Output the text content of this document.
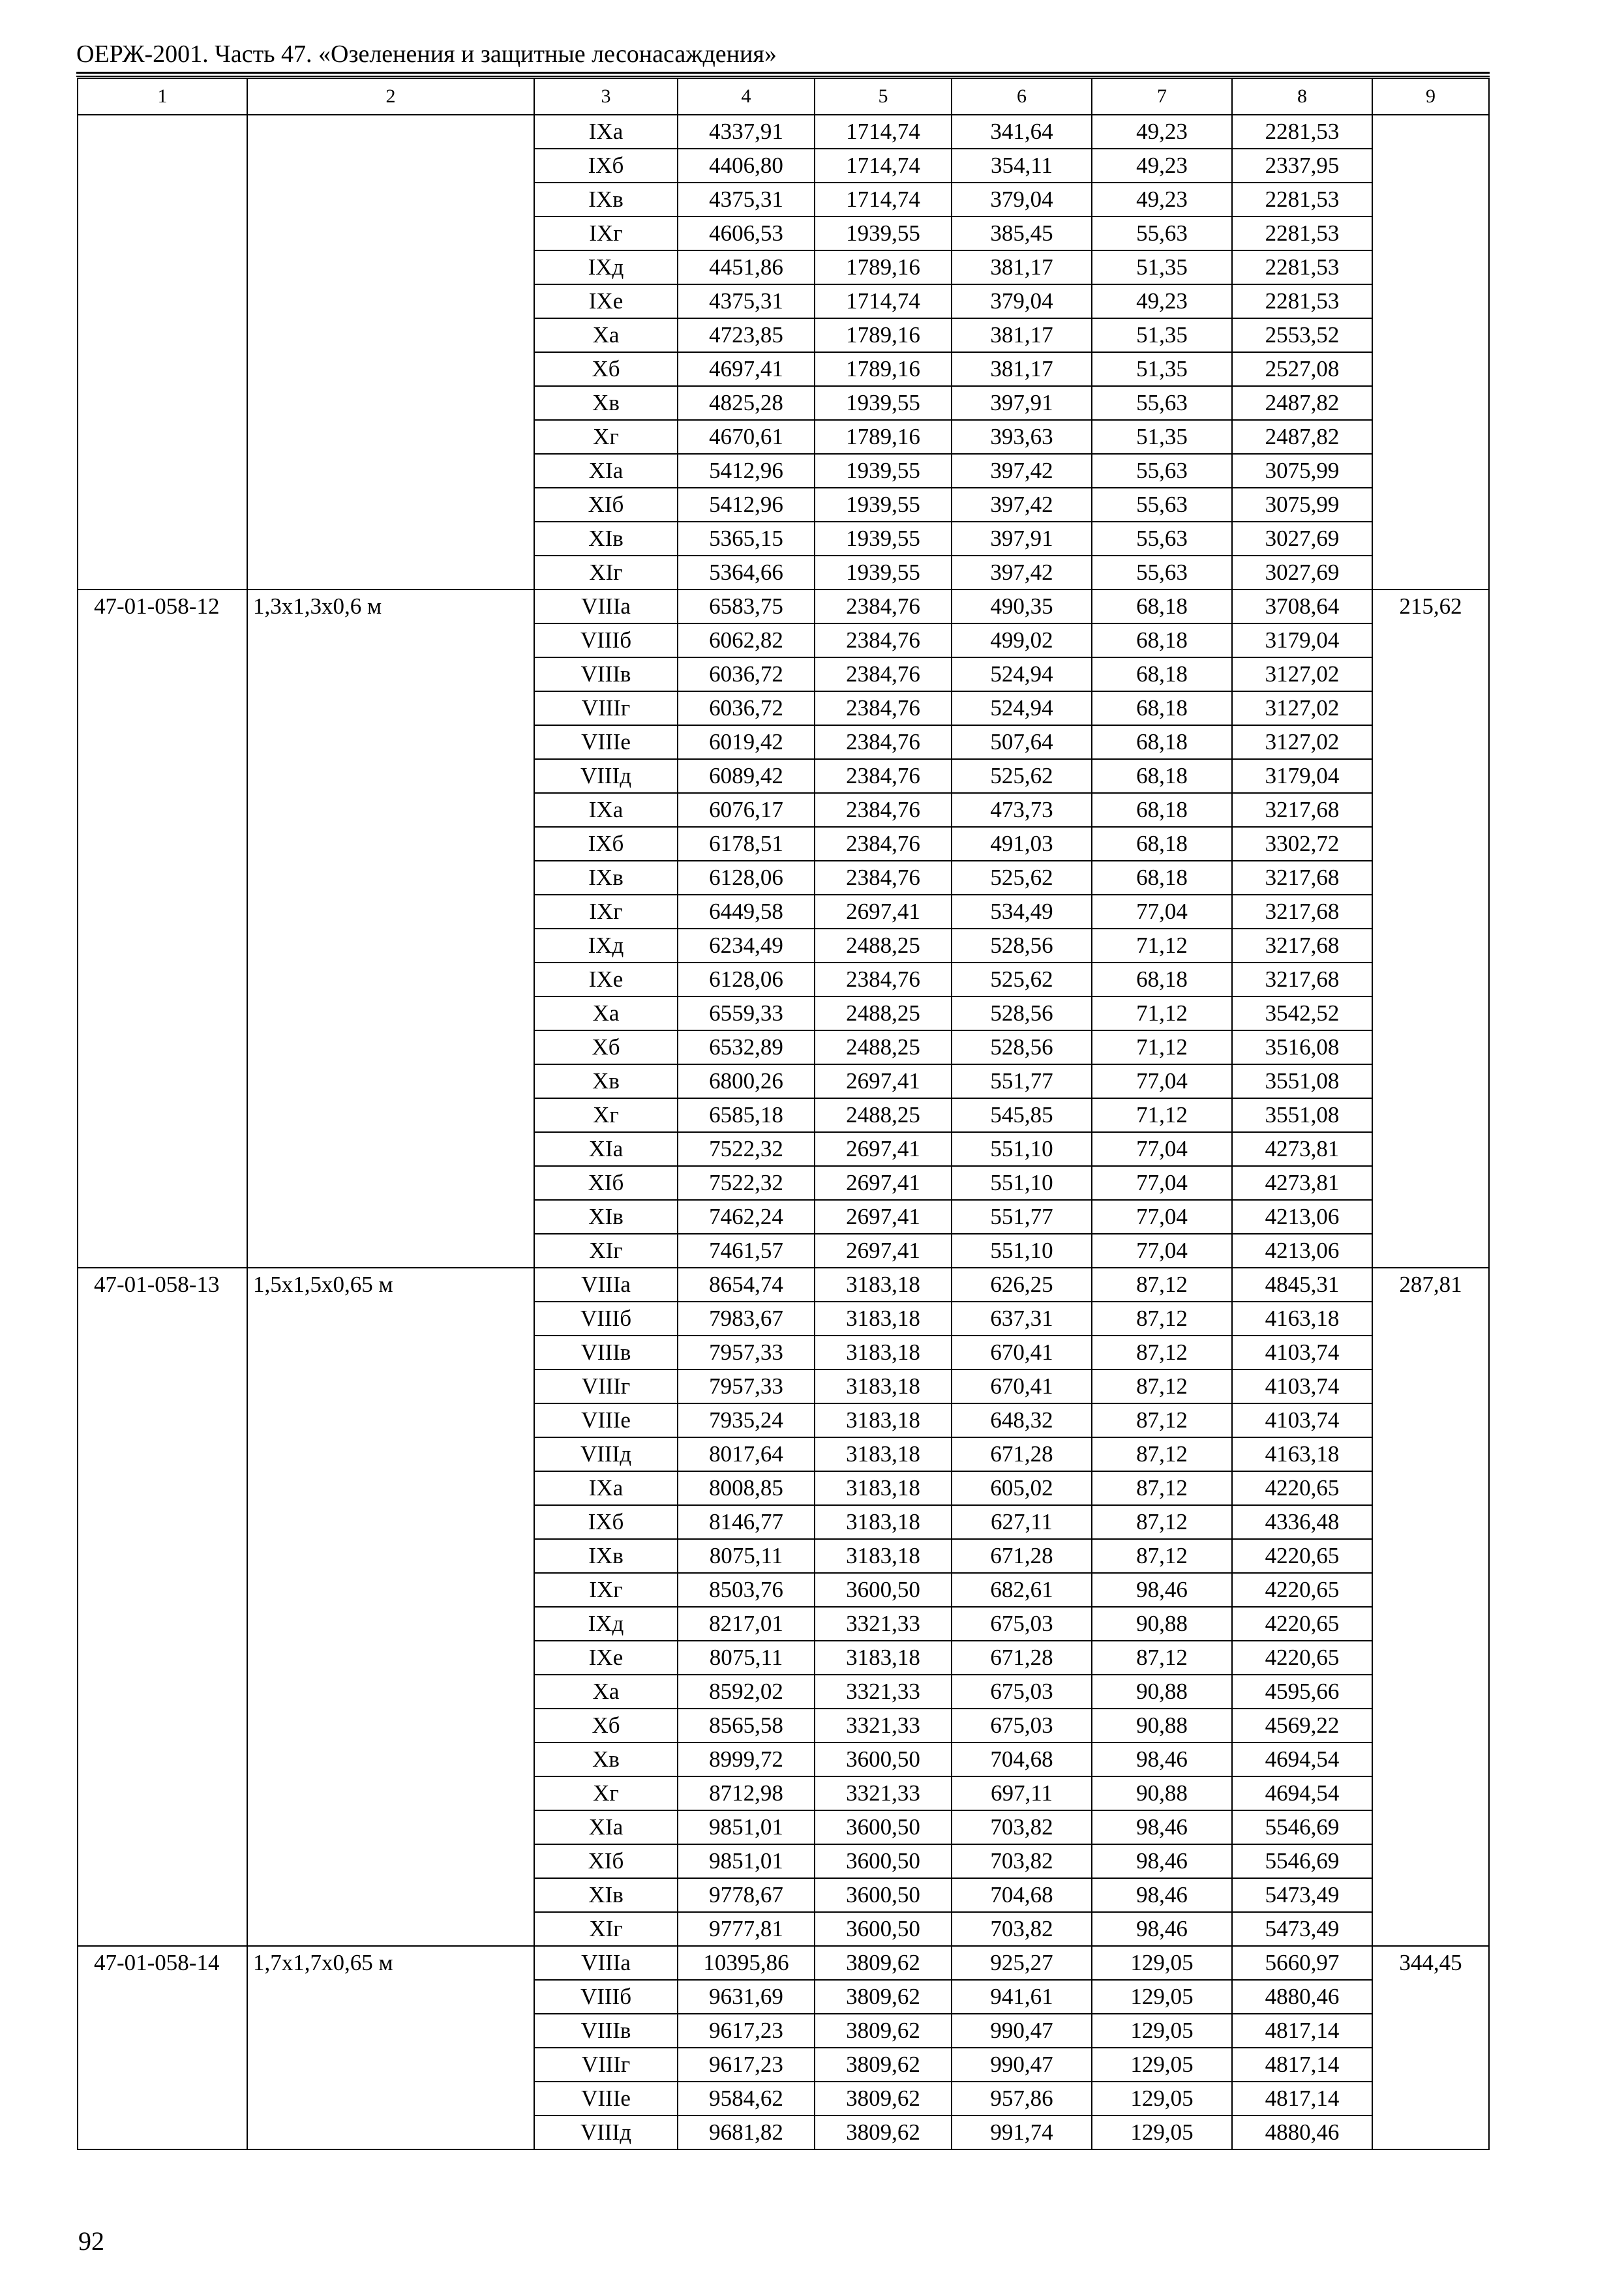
ОЕРЖ-2001. Часть 47. «Озеленения и защитные лесонасаждения»
1	2	3	4	5	6	7	8	9
		IXа	4337,91	1714,74	341,64	49,23	2281,53	
		IXб	4406,80	1714,74	354,11	49,23	2337,95	
		IXв	4375,31	1714,74	379,04	49,23	2281,53	
		IXг	4606,53	1939,55	385,45	55,63	2281,53	
		IXд	4451,86	1789,16	381,17	51,35	2281,53	
		IXе	4375,31	1714,74	379,04	49,23	2281,53	
		Xа	4723,85	1789,16	381,17	51,35	2553,52	
		Xб	4697,41	1789,16	381,17	51,35	2527,08	
		Xв	4825,28	1939,55	397,91	55,63	2487,82	
		Xг	4670,61	1789,16	393,63	51,35	2487,82	
		XIа	5412,96	1939,55	397,42	55,63	3075,99	
		XIб	5412,96	1939,55	397,42	55,63	3075,99	
		XIв	5365,15	1939,55	397,91	55,63	3027,69	
		XIг	5364,66	1939,55	397,42	55,63	3027,69	
47-01-058-12	1,3х1,3х0,6 м	VIIIа	6583,75	2384,76	490,35	68,18	3708,64	215,62
		VIIIб	6062,82	2384,76	499,02	68,18	3179,04	
		VIIIв	6036,72	2384,76	524,94	68,18	3127,02	
		VIIIг	6036,72	2384,76	524,94	68,18	3127,02	
		VIIIе	6019,42	2384,76	507,64	68,18	3127,02	
		VIIIд	6089,42	2384,76	525,62	68,18	3179,04	
		IXа	6076,17	2384,76	473,73	68,18	3217,68	
		IXб	6178,51	2384,76	491,03	68,18	3302,72	
		IXв	6128,06	2384,76	525,62	68,18	3217,68	
		IXг	6449,58	2697,41	534,49	77,04	3217,68	
		IXд	6234,49	2488,25	528,56	71,12	3217,68	
		IXе	6128,06	2384,76	525,62	68,18	3217,68	
		Xа	6559,33	2488,25	528,56	71,12	3542,52	
		Xб	6532,89	2488,25	528,56	71,12	3516,08	
		Xв	6800,26	2697,41	551,77	77,04	3551,08	
		Xг	6585,18	2488,25	545,85	71,12	3551,08	
		XIа	7522,32	2697,41	551,10	77,04	4273,81	
		XIб	7522,32	2697,41	551,10	77,04	4273,81	
		XIв	7462,24	2697,41	551,77	77,04	4213,06	
		XIг	7461,57	2697,41	551,10	77,04	4213,06	
47-01-058-13	1,5х1,5х0,65 м	VIIIа	8654,74	3183,18	626,25	87,12	4845,31	287,81
		VIIIб	7983,67	3183,18	637,31	87,12	4163,18	
		VIIIв	7957,33	3183,18	670,41	87,12	4103,74	
		VIIIг	7957,33	3183,18	670,41	87,12	4103,74	
		VIIIе	7935,24	3183,18	648,32	87,12	4103,74	
		VIIIд	8017,64	3183,18	671,28	87,12	4163,18	
		IXа	8008,85	3183,18	605,02	87,12	4220,65	
		IXб	8146,77	3183,18	627,11	87,12	4336,48	
		IXв	8075,11	3183,18	671,28	87,12	4220,65	
		IXг	8503,76	3600,50	682,61	98,46	4220,65	
		IXд	8217,01	3321,33	675,03	90,88	4220,65	
		IXе	8075,11	3183,18	671,28	87,12	4220,65	
		Xа	8592,02	3321,33	675,03	90,88	4595,66	
		Xб	8565,58	3321,33	675,03	90,88	4569,22	
		Xв	8999,72	3600,50	704,68	98,46	4694,54	
		Xг	8712,98	3321,33	697,11	90,88	4694,54	
		XIа	9851,01	3600,50	703,82	98,46	5546,69	
		XIб	9851,01	3600,50	703,82	98,46	5546,69	
		XIв	9778,67	3600,50	704,68	98,46	5473,49	
		XIг	9777,81	3600,50	703,82	98,46	5473,49	
47-01-058-14	1,7х1,7х0,65 м	VIIIа	10395,86	3809,62	925,27	129,05	5660,97	344,45
		VIIIб	9631,69	3809,62	941,61	129,05	4880,46	
		VIIIв	9617,23	3809,62	990,47	129,05	4817,14	
		VIIIг	9617,23	3809,62	990,47	129,05	4817,14	
		VIIIе	9584,62	3809,62	957,86	129,05	4817,14	
		VIIIд	9681,82	3809,62	991,74	129,05	4880,46	
92
